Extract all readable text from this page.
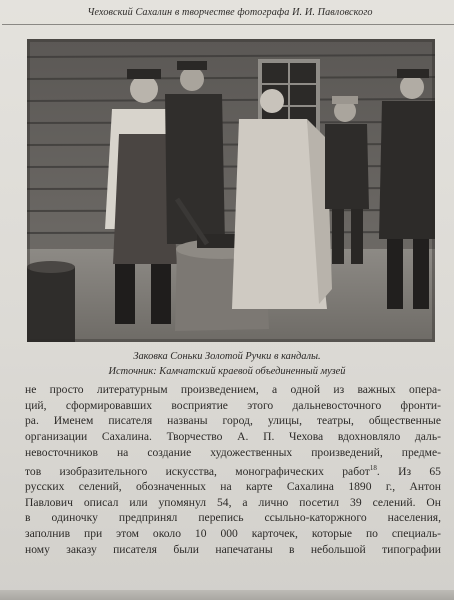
Чеховский Сахалин в творчестве фотографа И. И. Павловского
Заковка Соньки Золотой Ручки в кандалы.
Источник: Камчатский краевой объединенный музей
не просто литературным произведением, а одной из важных опера-
ций, сформировавших восприятие этого дальневосточного фронти-
ра. Именем писателя названы город, улицы, театры, общественные
организации Сахалина. Творчество А. П. Чехова вдохновляло даль-
невосточников на создание художественных произведений, предме-
тов изобразительного искусства, монографических работ$^{18}$. Из 65
русских селений, обозначенных на карте Сахалина 1890 г., Антон
Павлович описал или упомянул 54, а лично посетил 39 селений. Он
в одиночку предпринял перепись ссыльно-каторжного населения,
заполнив при этом около 10 000 карточек, которые по специаль-
ному заказу писателя были напечатаны в небольшой типографии
